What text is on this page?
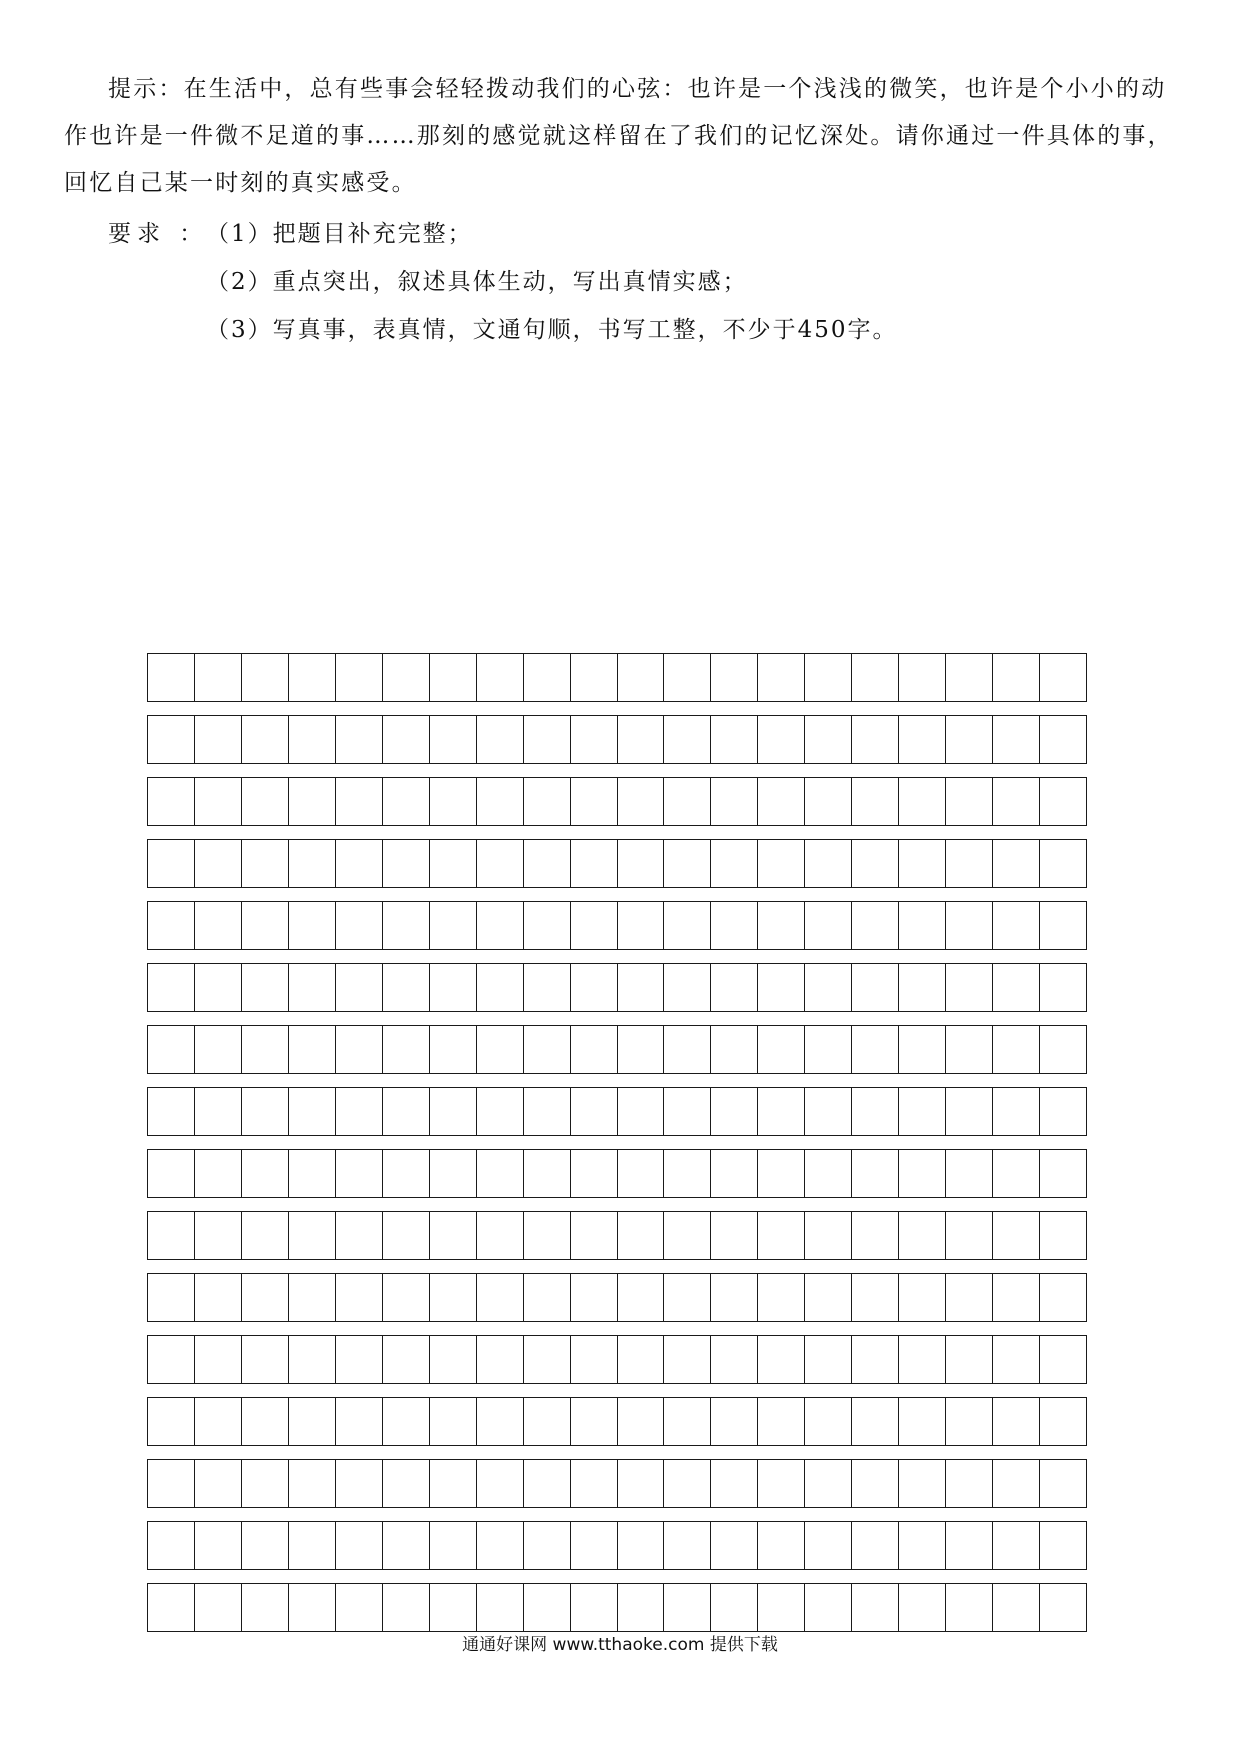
提示：在生活中，总有些事会轻轻拨动我们的心弦：也许是一个浅浅的微笑，也许是个小小的动
作也许是一件微不足道的事……那刻的感觉就这样留在了我们的记忆深处。请你通过一件具体的事，
回忆自己某一时刻的真实感受。
要求 ：
（1）把题目补充完整；
（2）重点突出，叙述具体生动，写出真情实感；
（3）写真事，表真情，文通句顺，书写工整，不少于450字。
通通好课网 www.tthaoke.com 提供下载
